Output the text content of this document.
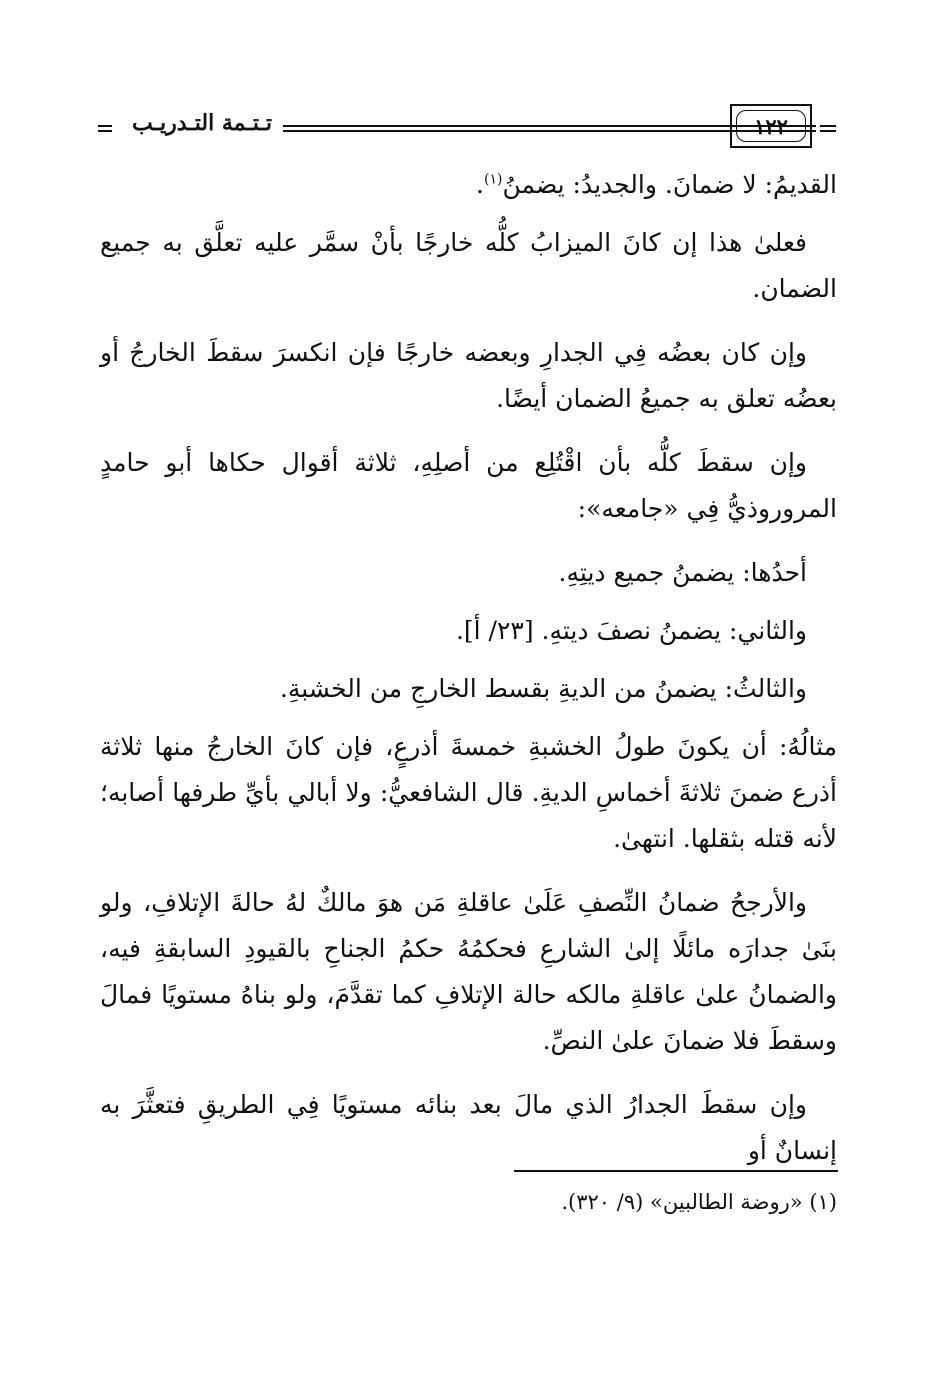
تـتـمة التـدريـب	١٢٢

القديمُ: لا ضمانَ. والجديدُ: يضمنُ$^{(١)}$.

فعلىٰ هذا إن كانَ الميزابُ كلُّه خارجًا بأنْ سمَّر عليه تعلَّق به جميع الضمان.

وإن كان بعضُه فِي الجدارِ وبعضه خارجًا فإن انكسرَ سقطَ الخارجُ أو بعضُه تعلق به جميعُ الضمان أيضًا.

وإن سقطَ كلُّه بأن اقْتُلِع من أصلِهِ، ثلاثة أقوال حكاها أبو حامدٍ المروروذيُّ فِي «جامعه»:

أحدُها: يضمنُ جميع ديتِهِ.

والثاني: يضمنُ نصفَ ديتهِ. [٢٣/ أ].

والثالثُ: يضمنُ من الديةِ بقسط الخارجِ من الخشبةِ.

مثالُهُ: أن يكونَ طولُ الخشبةِ خمسةَ أذرعٍ، فإن كانَ الخارجُ منها ثلاثة أذرع ضمنَ ثلاثةَ أخماسِ الديةِ. قال الشافعيُّ: ولا أبالي بأيِّ طرفها أصابه؛ لأنه قتله بثقلها. انتهىٰ.

والأرجحُ ضمانُ النِّصفِ عَلَىٰ عاقلةِ مَن هوَ مالكٌ لهُ حالةَ الإتلافِ، ولو بنَىٰ جدارَه مائلًا إلىٰ الشارعِ فحكمُهُ حكمُ الجناحِ بالقيودِ السابقةِ فيه، والضمانُ علىٰ عاقلةِ مالكه حالة الإتلافِ كما تقدَّمَ، ولو بناهُ مستويًا فمالَ وسقطَ فلا ضمانَ علىٰ النصِّ.

وإن سقطَ الجدارُ الذي مالَ بعد بنائه مستويًا فِي الطريقِ فتعثَّرَ به إنسانٌ أو

(١) «روضة الطالبين» (٩/ ٣٢٠).
